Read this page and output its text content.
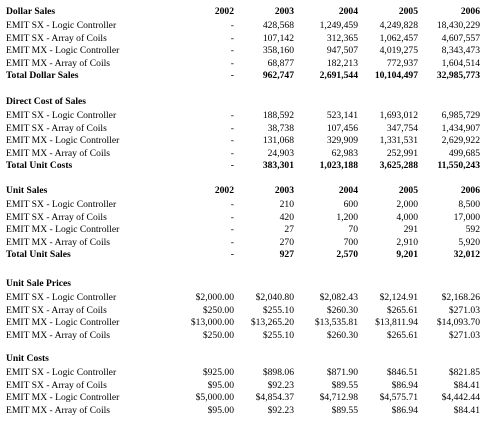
Dollar Sales	2002	2003	2004	2005	2006
EMIT SX - Logic Controller	-	428,568	1,249,459 4,249,828 18,430,229
EMIT SX - Array of Coils	-	107,142	312,365 1,062,457 4,607,557
EMIT MX - Logic Controller	-	358,160	947,507 4,019,275 8,343,473
EMIT MX - Array of Coils	-	68,877	182,213	772,937 1,604,514
Total Dollar Sales	-	962,747	2,691,544 10,104,497 32,985,773
Direct Cost of Sales
EMIT SX - Logic Controller	-	188,592	523,141 1,693,012 6,985,729
EMIT SX - Array of Coils	-	38,738	107,456	347,754 1,434,907
EMIT MX - Logic Controller	-	131,068	329,909 1,331,531 2,629,922
EMIT MX - Array of Coils	-	24,903	62,983	252,991	499,685
Total Unit Costs	-	383,301	1,023,188 3,625,288 11,550,243
Unit Sales	2002	2003	2004	2005	2006
EMIT SX - Logic Controller	-	210	600	2,000	8,500
EMIT SX - Array of Coils	-	420	1,200	4,000	17,000
EMIT MX - Logic Controller	-	27	70	291	592
EMIT MX - Array of Coils	-	270	700	2,910	5,920
Total Unit Sales	-	927	2,570	9,201	32,012
Unit Sale Prices
EMIT SX - Logic Controller	$2,000.00 $2,040.80	$2,082.43 $2,124.91 $2,168.26
EMIT SX - Array of Coils	$250.00	$255.10	$260.30	$265.61	$271.03
EMIT MX - Logic Controller	$13,000.00 $13,265.20 $13,535.81 $13,811.94 $14,093.70
EMIT MX - Array of Coils	$250.00	$255.10	$260.30	$265.61	$271.03
Unit Costs
EMIT SX - Logic Controller	$925.00	$898.06	$871.90	$846.51	$821.85
EMIT SX - Array of Coils	$95.00	$92.23	$89.55	$86.94	$84.41
EMIT MX - Logic Controller	$5,000.00 $4,854.37	$4,712.98 $4,575.71 $4,442.44
EMIT MX - Array of Coils	$95.00	$92.23	$89.55	$86.94	$84.41
